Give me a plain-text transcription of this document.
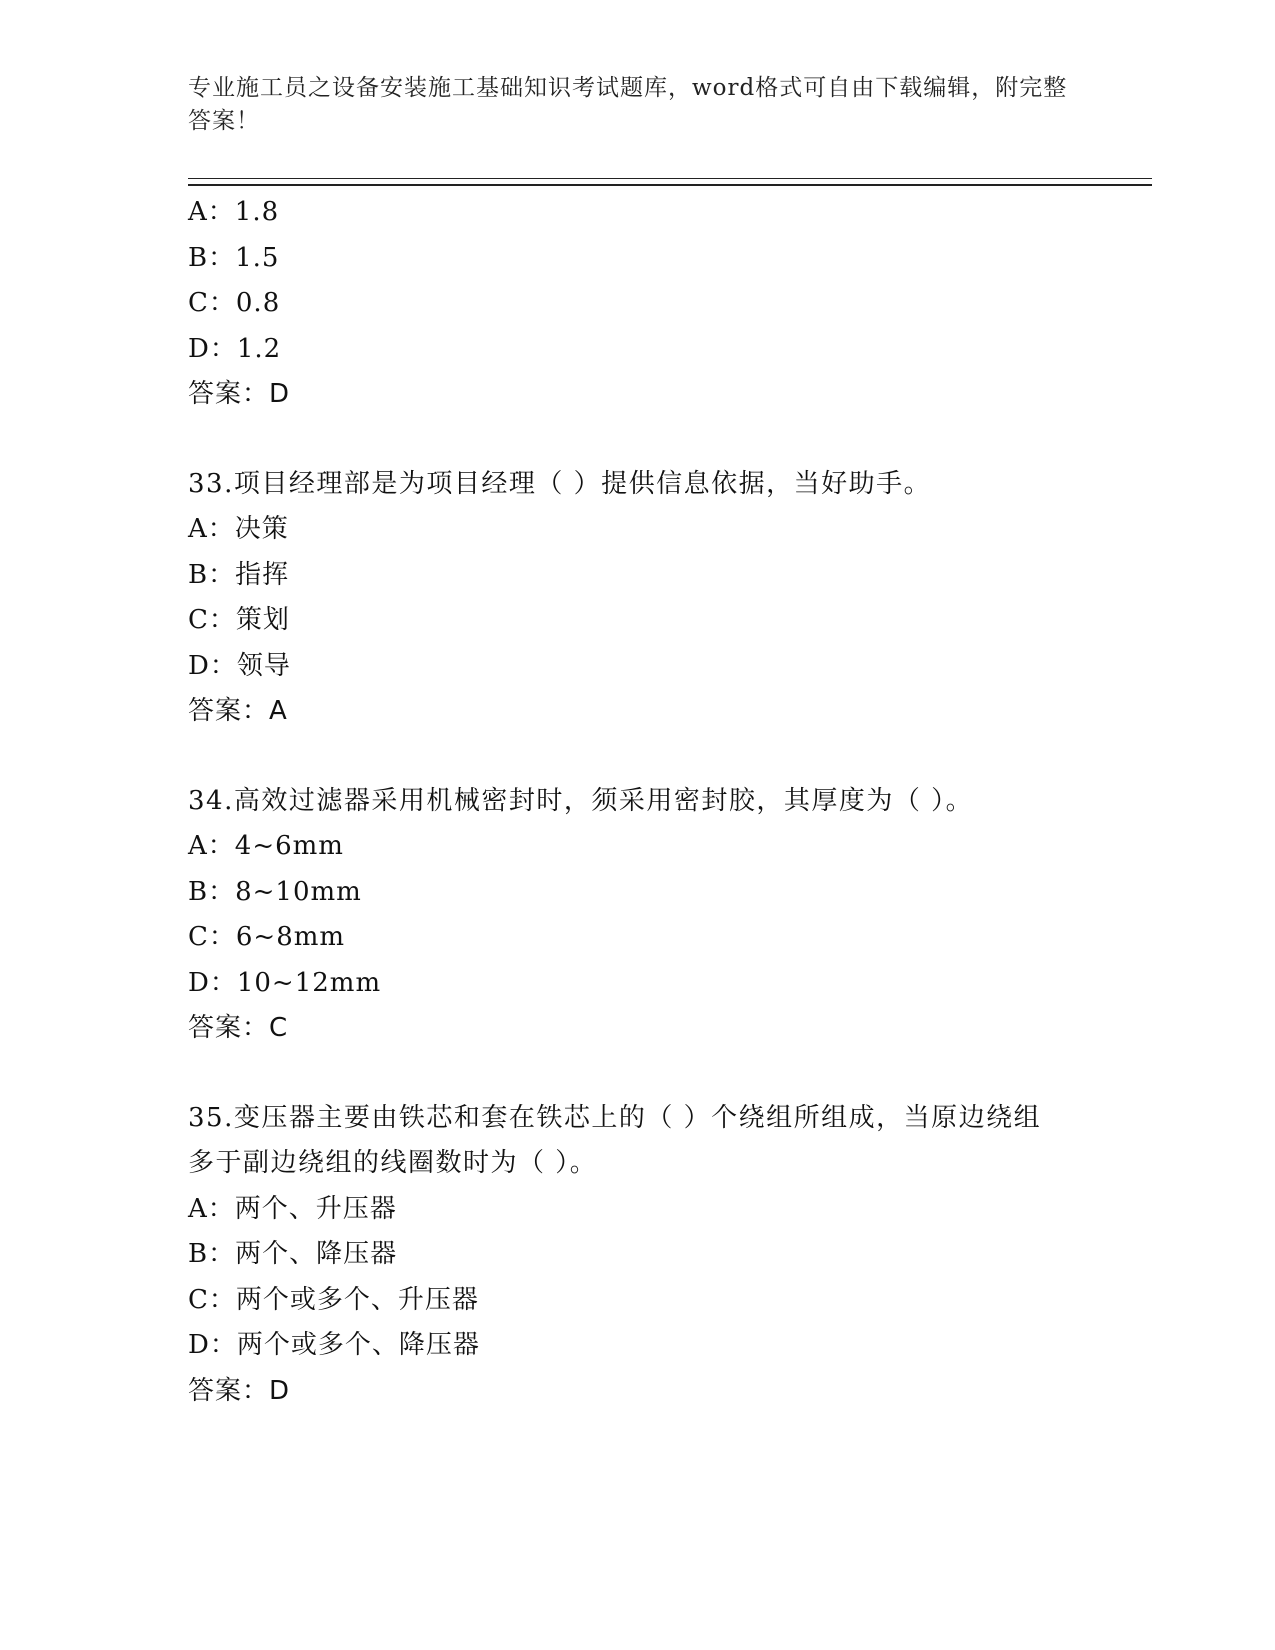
专业施工员之设备安装施工基础知识考试题库，word格式可自由下载编辑，附完整答案！
A：1.8
B：1.5
C：0.8
D：1.2
答案：D
33.项目经理部是为项目经理（ ）提供信息依据，当好助手。
A：决策
B：指挥
C：策划
D：领导
答案：A
34.高效过滤器采用机械密封时，须采用密封胶，其厚度为（ ）。
A：4~6mm
B：8~10mm
C：6~8mm
D：10~12mm
答案：C
35.变压器主要由铁芯和套在铁芯上的（ ）个绕组所组成，当原边绕组多于副边绕组的线圈数时为（ ）。
A：两个、升压器
B：两个、降压器
C：两个或多个、升压器
D：两个或多个、降压器
答案：D
